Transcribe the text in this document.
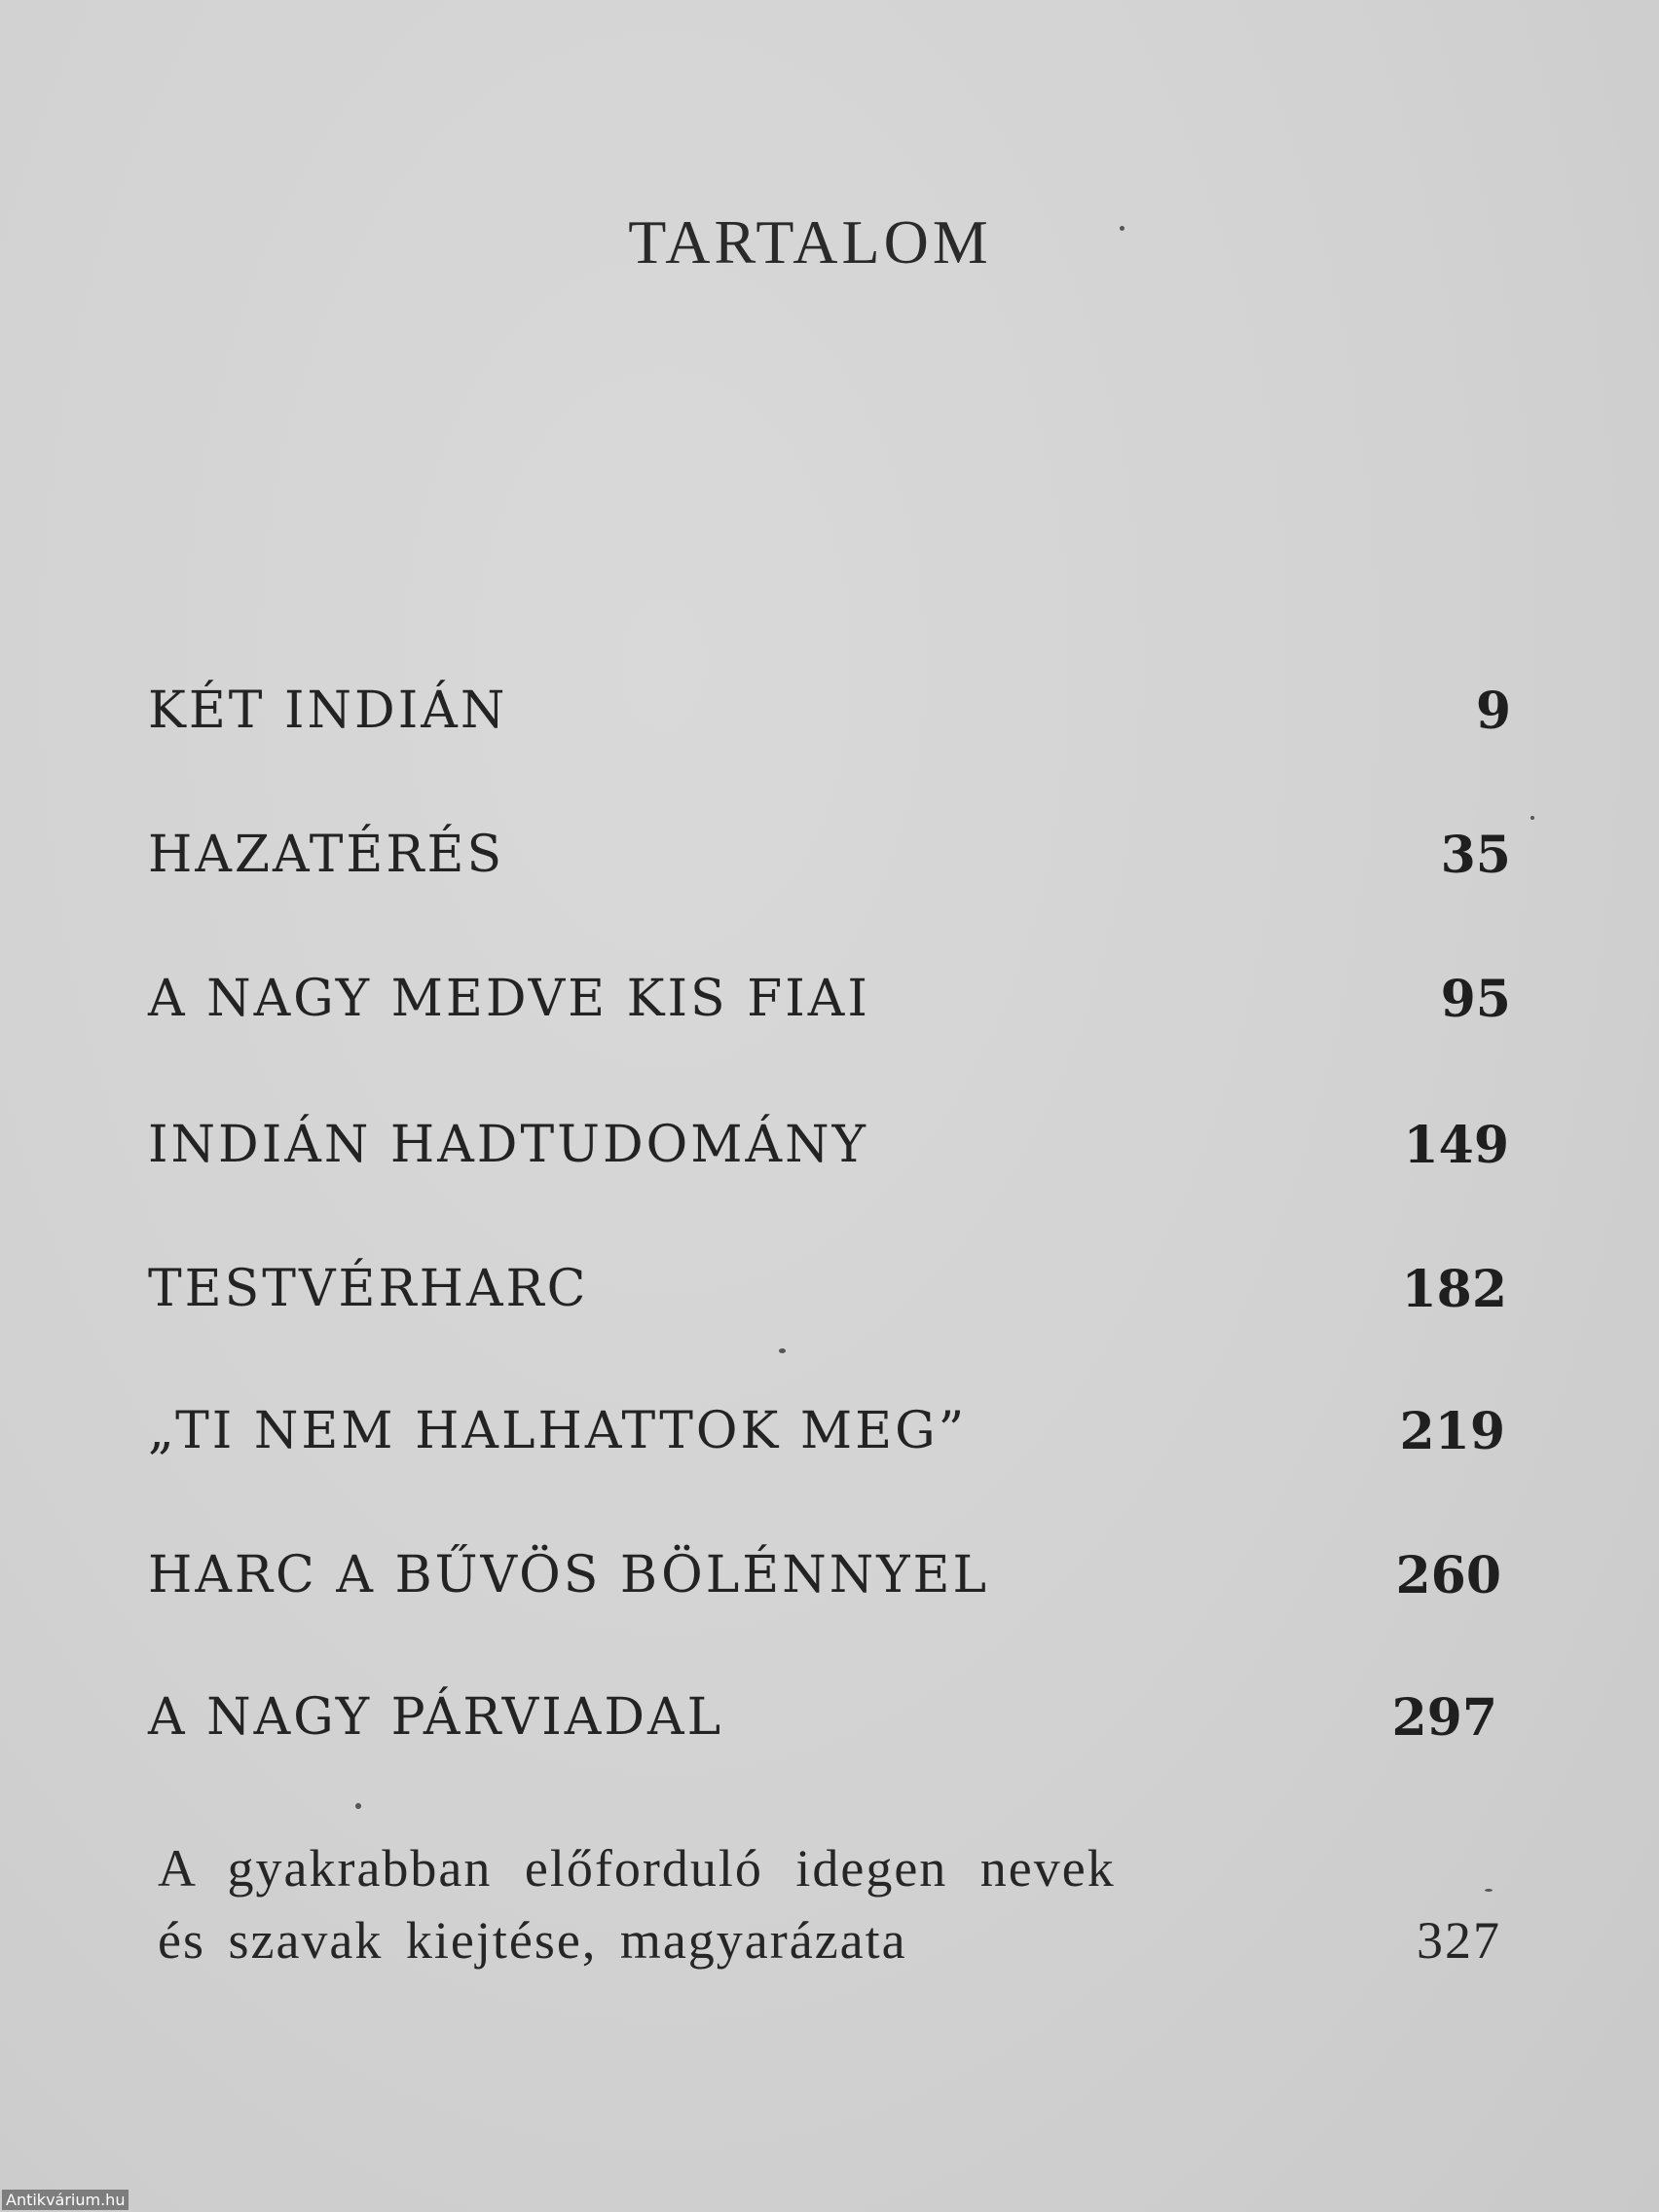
TARTALOM
KÉT INDIÁN	9
HAZATÉRÉS	35
A NAGY MEDVE KIS FIAI	95
INDIÁN HADTUDOMÁNY	149
TESTVÉRHARC	182
„TI NEM HALHATTOK MEG”	219
HARC A BŰVÖS BÖLÉNNYEL	260
A NAGY PÁRVIADAL	297
A gyakrabban előforduló idegen nevek
és szavak kiejtése, magyarázata	327
Antikvárium.hu
